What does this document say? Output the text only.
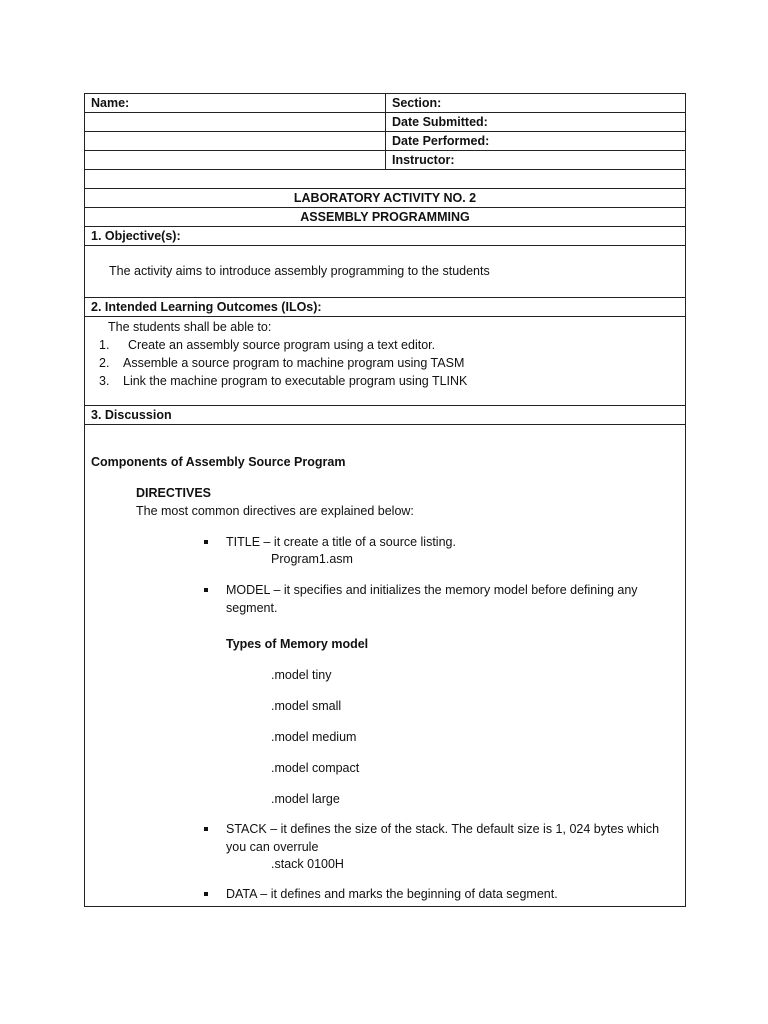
Name:	Section:
	Date Submitted:
	Date Performed:
	Instructor:
LABORATORY ACTIVITY NO. 2
ASSEMBLY PROGRAMMING
1. Objective(s):
The activity aims to introduce assembly programming to the students
2. Intended Learning Outcomes (ILOs):
The students shall be able to:
1.	Create an assembly source program using a text editor.
2.	Assemble a source program to machine program using TASM
3.	Link the machine program to executable program using TLINK
3. Discussion
Components of Assembly Source Program
DIRECTIVES
The most common directives are explained below:
TITLE – it create a title of a source listing.
Program1.asm
MODEL – it specifies and initializes the memory model before defining any
segment.
Types of Memory model
.model tiny
.model small
.model medium
.model compact
.model large
STACK – it defines the size of the stack. The default size is 1, 024 bytes which
you can overrule
.stack 0100H
DATA – it defines and marks the beginning of data segment.
